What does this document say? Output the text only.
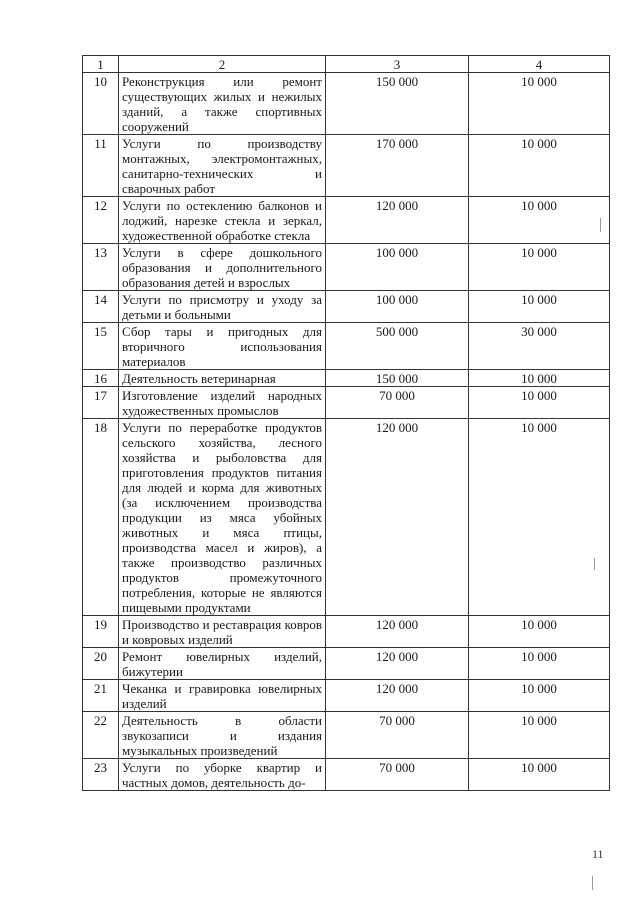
1	2	3	4
10	Реконструкция или ремонт существующих жилых и нежилых зданий, а также спортивных сооружений	150 000	10 000
11	Услуги по производству монтажных, электромонтажных, санитарно-технических и сварочных работ	170 000	10 000
12	Услуги по остеклению балконов и лоджий, нарезке стекла и зеркал, художественной обработке стекла	120 000	10 000
13	Услуги в сфере дошкольного образования и дополнительного образования детей и взрослых	100 000	10 000
14	Услуги по присмотру и уходу за детьми и больными	100 000	10 000
15	Сбор тары и пригодных для вторичного использования материалов	500 000	30 000
16	Деятельность ветеринарная	150 000	10 000
17	Изготовление изделий народных художественных промыслов	70 000	10 000
18	Услуги по переработке продуктов сельского хозяйства, лесного хозяйства и рыболовства для приготовления продуктов питания для людей и корма для животных (за исключением производства продукции из мяса убойных животных и мяса птицы, производства масел и жиров), а также производство различных продуктов промежуточного потребления, которые не являются пищевыми продуктами	120 000	10 000
19	Производство и реставрация ковров и ковровых изделий	120 000	10 000
20	Ремонт ювелирных изделий, бижутерии	120 000	10 000
21	Чеканка и гравировка ювелирных изделий	120 000	10 000
22	Деятельность в области звукозаписи и издания музыкальных произведений	70 000	10 000
23	Услуги по уборке квартир и частных домов, деятельность до-	70 000	10 000
11
